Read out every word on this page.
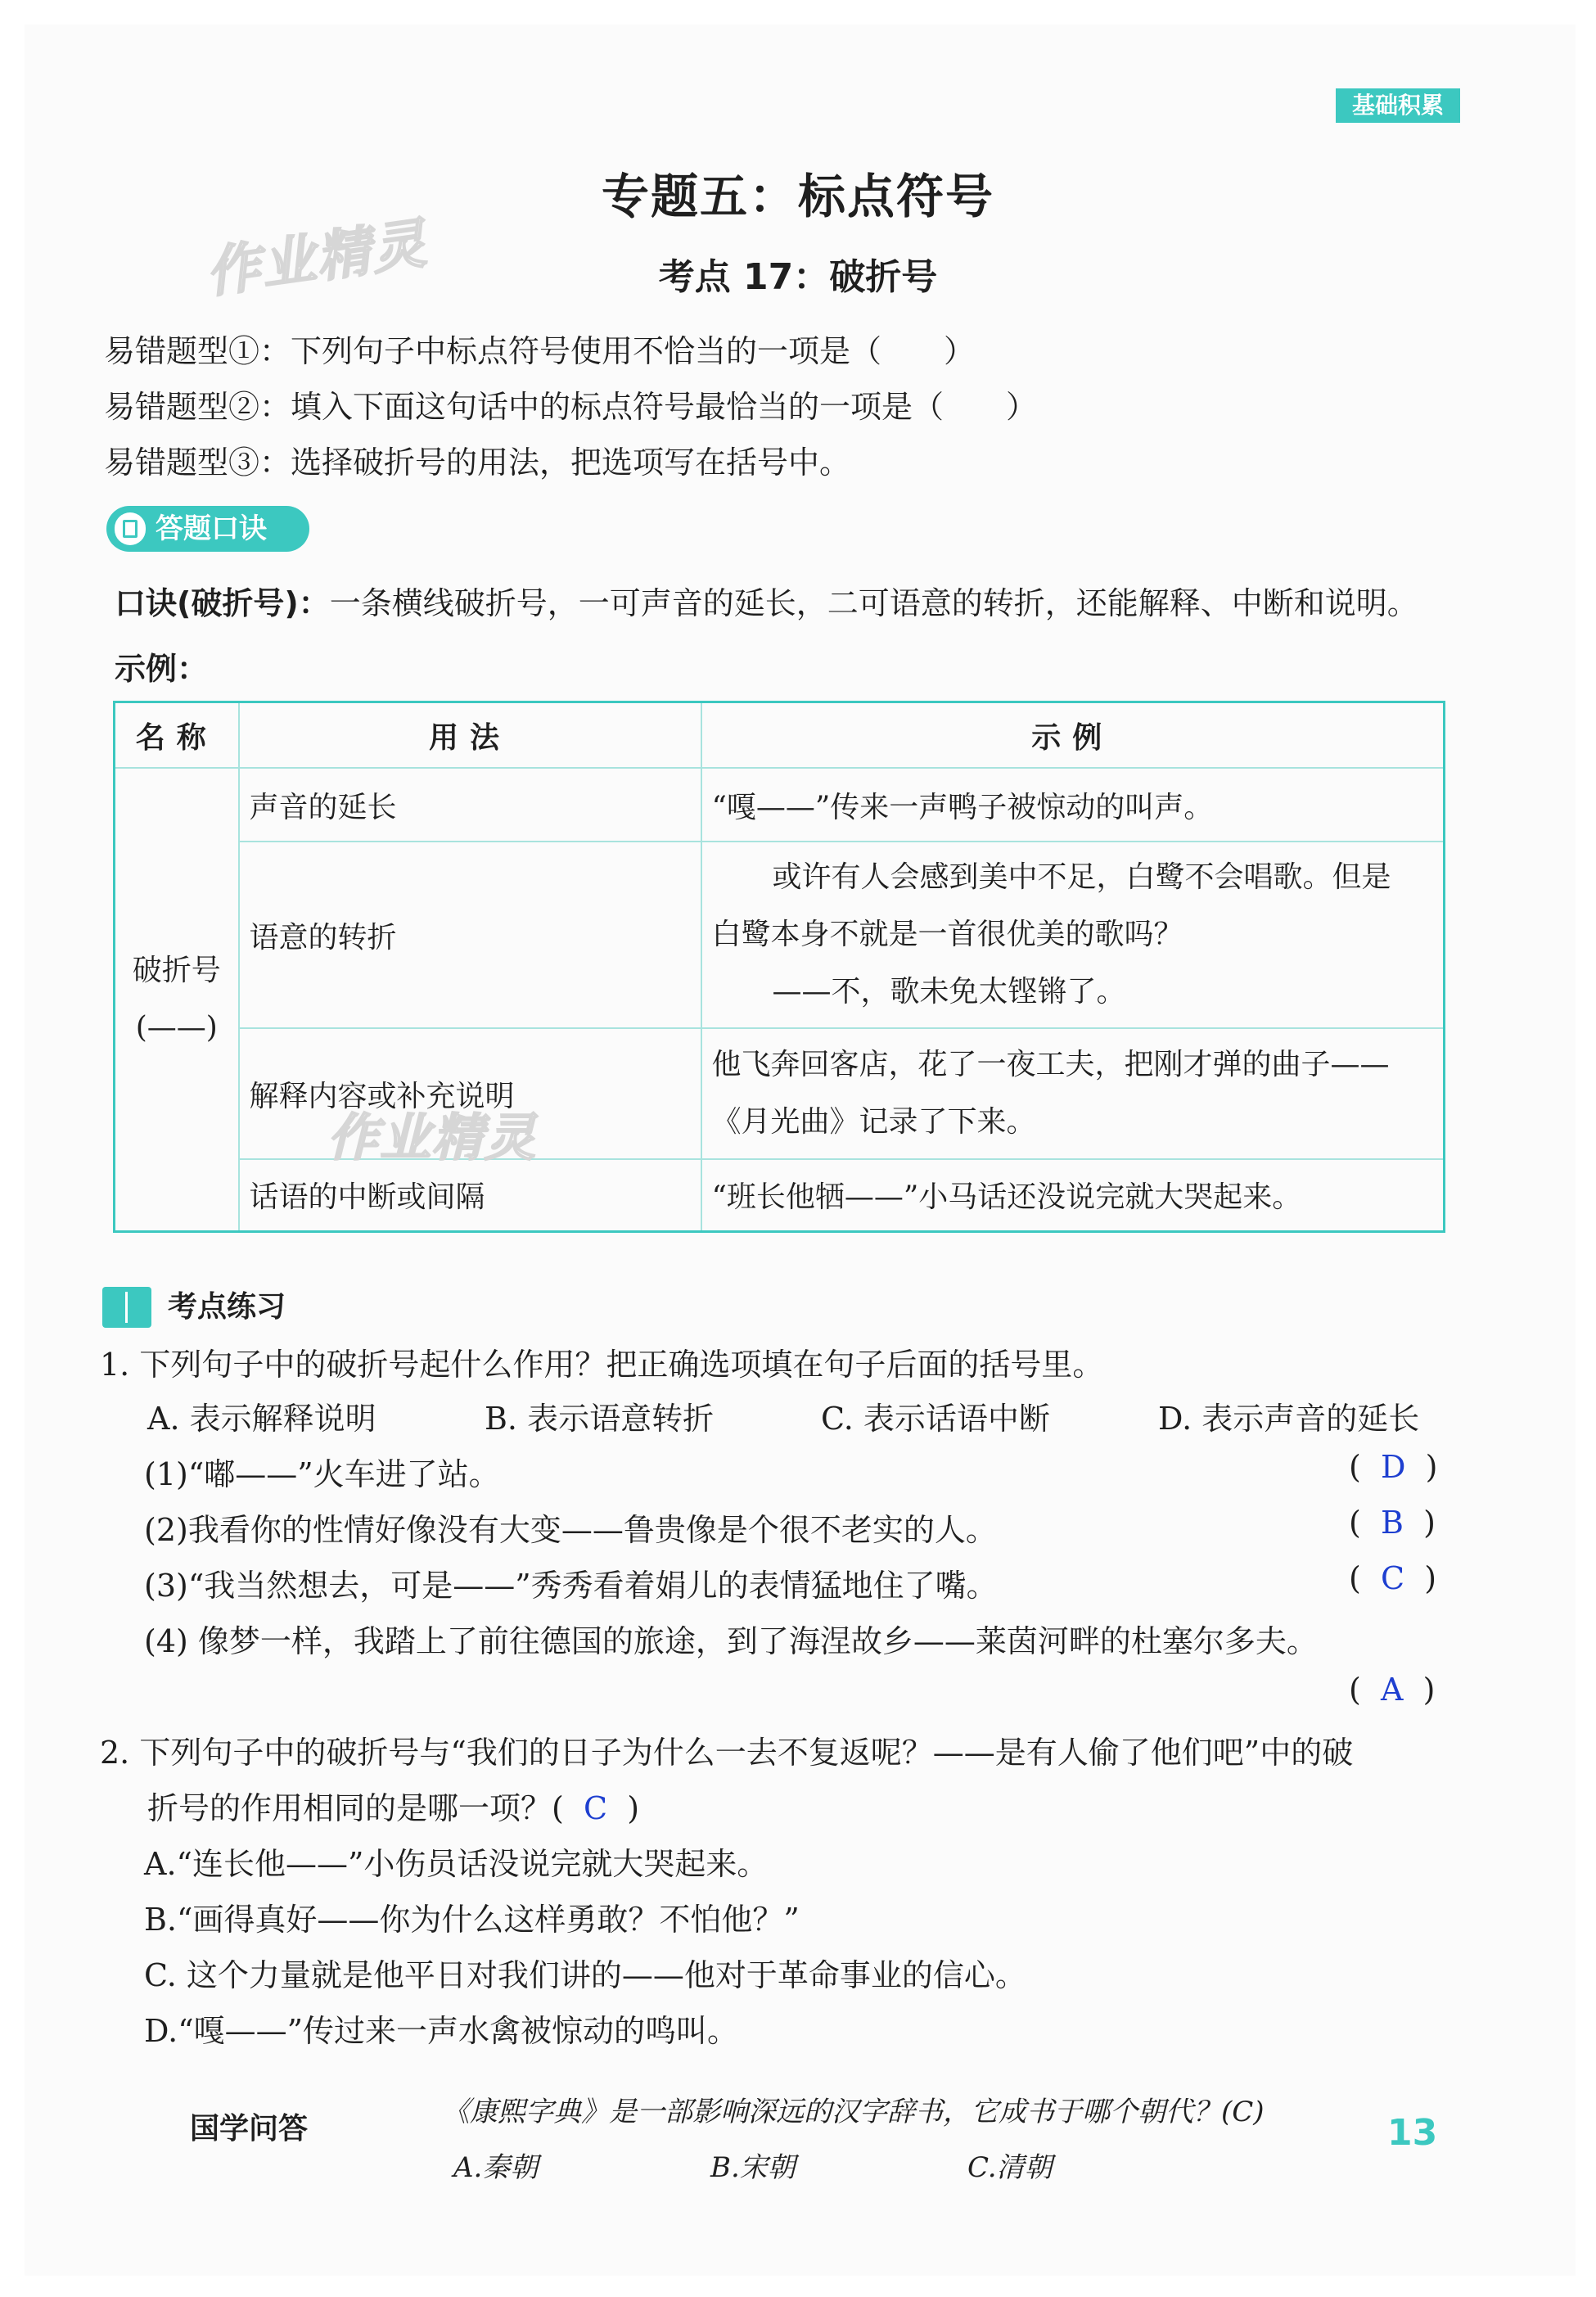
基础积累
专题五：标点符号
考点 17：破折号
作业精灵
易错题型①：下列句子中标点符号使用不恰当的一项是（　　）
易错题型②：填入下面这句话中的标点符号最恰当的一项是（　　）
易错题型③：选择破折号的用法，把选项写在括号中。
答题口诀
口诀(破折号)：一条横线破折号，一可声音的延长，二可语意的转折，还能解释、中断和说明。
示例：
名称	用法	示例

破折号
(——)	声音的延长	“嘎——”传来一声鸭子被惊动的叫声。
	语意的转折	或许有人会感到美中不足，白鹭不会唱歌。但是
白鹭本身不就是一首很优美的歌吗？
——不，歌未免太铿锵了。

	解释内容或补充说明	他飞奔回客店，花了一夜工夫，把刚才弹的曲子——
《月光曲》记录了下来。

	话语的中断或间隔	“班长他牺——”小马话还没说完就大哭起来。
作业精灵
考点练习
1. 下列句子中的破折号起什么作用？把正确选项填在句子后面的括号里。
A. 表示解释说明	B. 表示语意转折	C. 表示话语中断	D. 表示声音的延长
(1)“嘟——”火车进了站。	(  D  )
(2)我看你的性情好像没有大变——鲁贵像是个很不老实的人。	(  B  )
(3)“我当然想去，可是——”秀秀看着娟儿的表情猛地住了嘴。	(  C  )
(4) 像梦一样，我踏上了前往德国的旅途，到了海涅故乡——莱茵河畔的杜塞尔多夫。
(  A  )
2. 下列句子中的破折号与“我们的日子为什么一去不复返呢？——是有人偷了他们吧”中的破
折号的作用相同的是哪一项？(  C  )
A.“连长他——”小伤员话没说完就大哭起来。
B.“画得真好——你为什么这样勇敢？不怕他？”
C. 这个力量就是他平日对我们讲的——他对于革命事业的信心。
D.“嘎——”传过来一声水禽被惊动的鸣叫。
国学问答	《康熙字典》是一部影响深远的汉字辞书，它成书于哪个朝代？(C)
A.秦朝	B.宋朝	C.清朝
13
